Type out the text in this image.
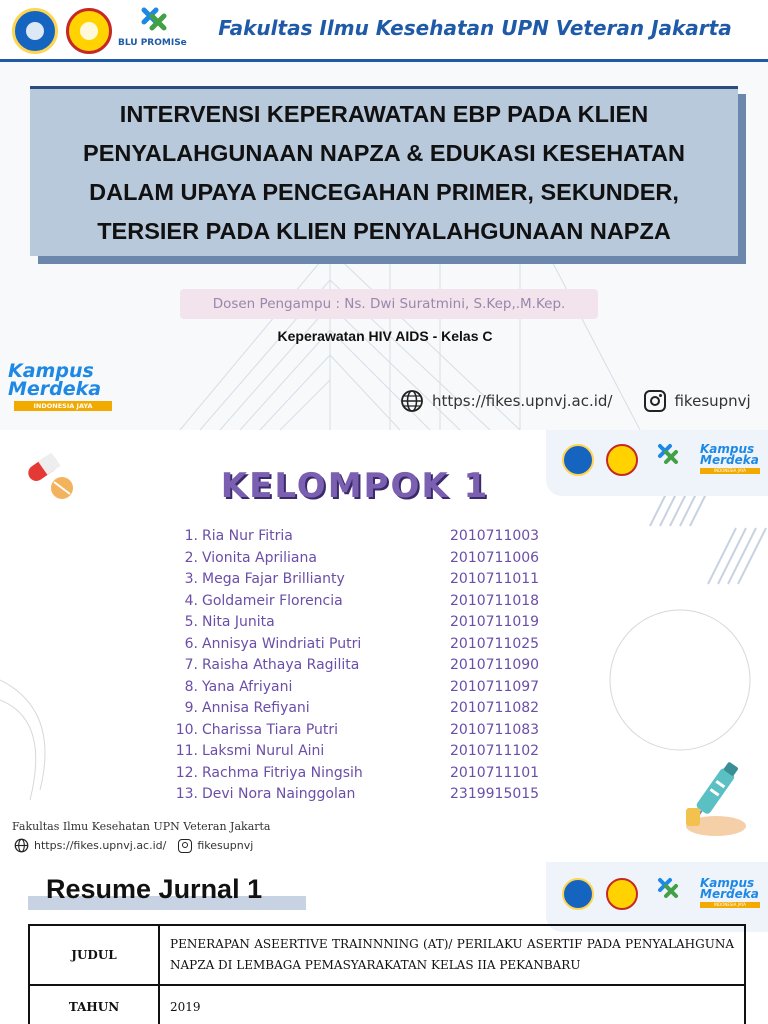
BLU PROMISe
Fakultas Ilmu Kesehatan UPN Veteran Jakarta
INTERVENSI KEPERAWATAN EBP PADA KLIEN
PENYALAHGUNAAN NAPZA & EDUKASI KESEHATAN
DALAM UPAYA PENCEGAHAN PRIMER, SEKUNDER,
TERSIER PADA KLIEN PENYALAHGUNAAN NAPZA
Dosen Pengampu : Ns. Dwi Suratmini, S.Kep,.M.Kep.
Keperawatan HIV AIDS - Kelas C
Kampus
Merdeka
INDONESIA JAYA	https://fikes.upnvj.ac.id/	fikesupnvj
Kampus
Merdeka
INDONESIA JAYA
KELOMPOK 1
1. Ria Nur Fitria	2010711003
2. Vionita Apriliana	2010711006
3. Mega Fajar Brillianty	2010711011
4. Goldameir Florencia	2010711018
5. Nita Junita	2010711019
6. Annisya Windriati Putri	2010711025
7. Raisha Athaya Ragilita	2010711090
8. Yana Afriyani	2010711097
9. Annisa Refiyani	2010711082
10. Charissa Tiara Putri	2010711083
11. Laksmi Nurul Aini	2010711102
12. Rachma Fitriya Ningsih	2010711101
13. Devi Nora Nainggolan	2319915015
Fakultas Ilmu Kesehatan UPN Veteran Jakarta
https://fikes.upnvj.ac.id/	fikesupnvj
Resume Jurnal 1	Kampus
Merdeka
INDONESIA JAYA
JUDUL	PENERAPAN ASEERTIVE TRAINNNING (AT)/ PERILAKU ASERTIF PADA PENYALAHGUNA NAPZA DI LEMBAGA PEMASYARAKATAN KELAS IIA PEKANBARU
TAHUN	2019
